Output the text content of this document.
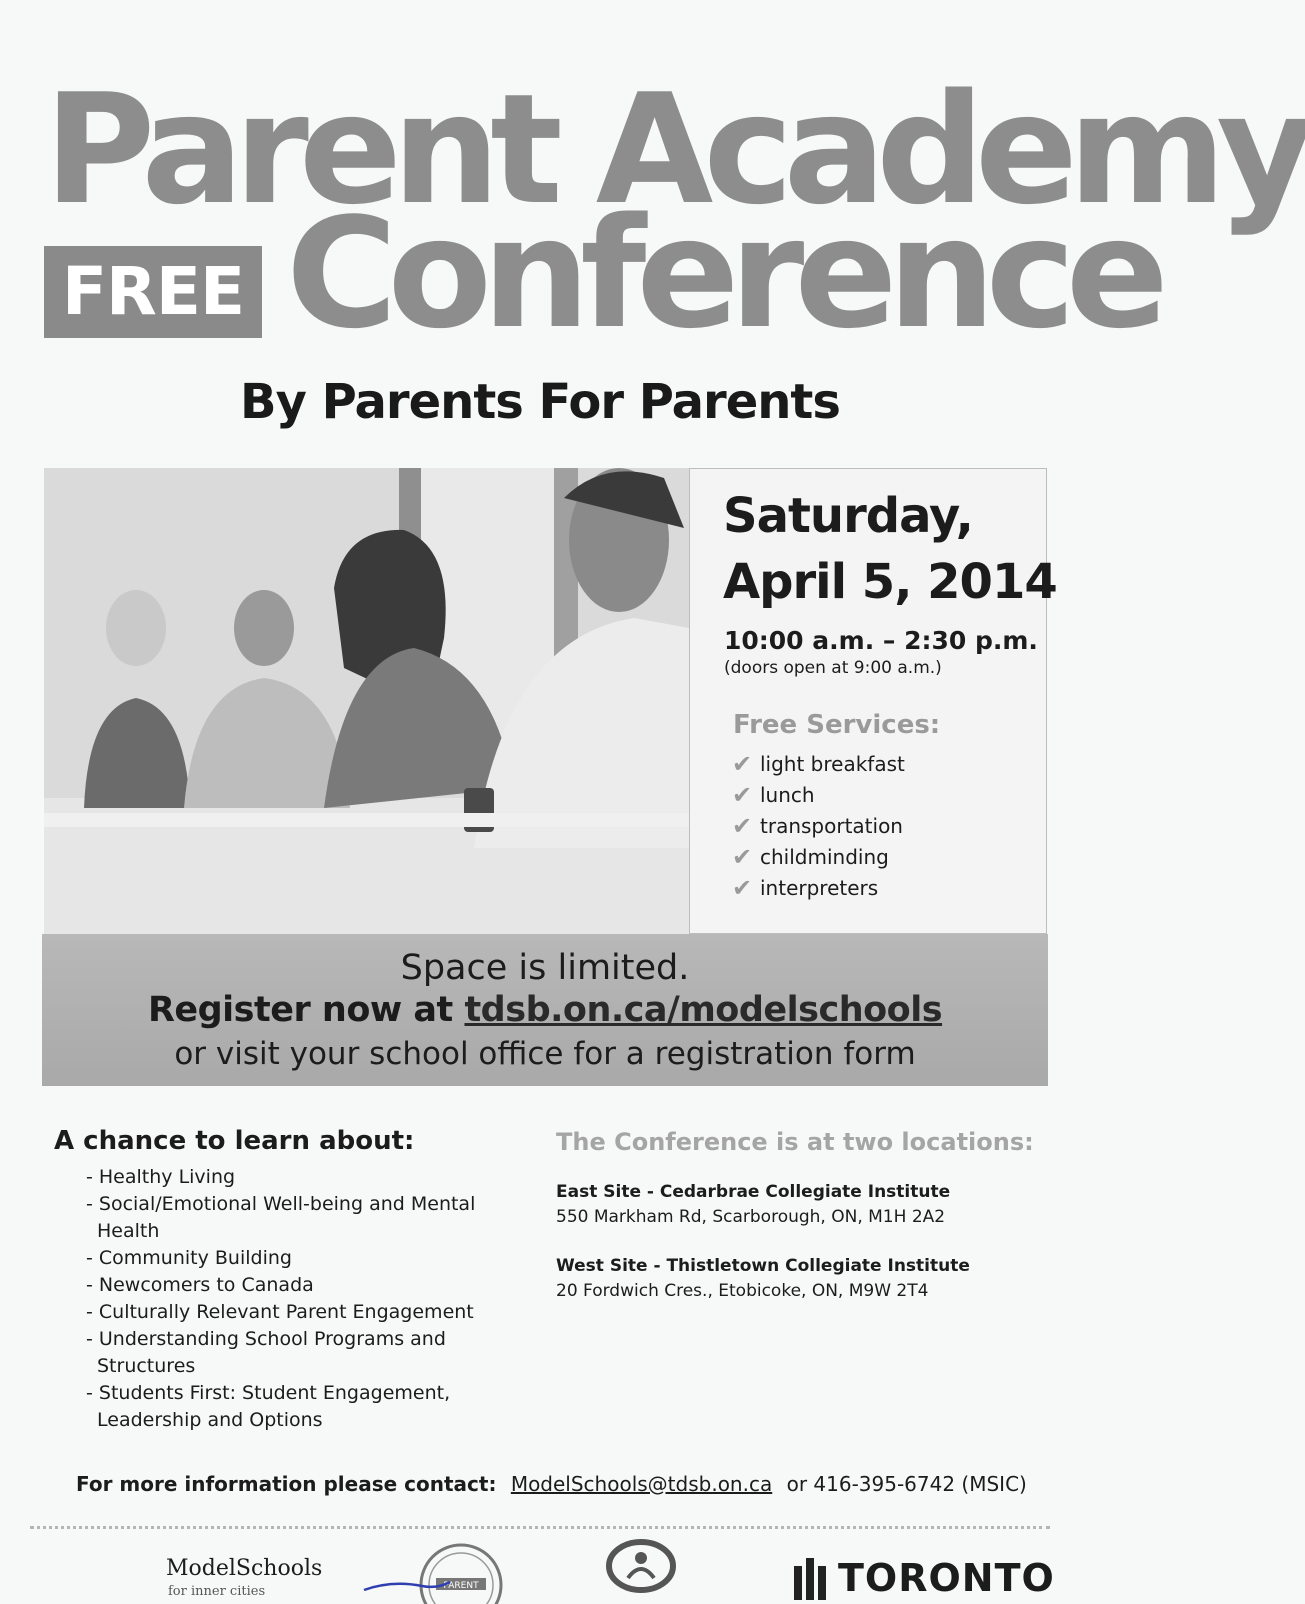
Parent Academy
FREE Conference
By Parents For Parents
Saturday,
April 5, 2014
10:00 a.m. – 2:30 p.m.
(doors open at 9:00 a.m.)
Free Services:
✔ light breakfast
✔ lunch
✔ transportation
✔ childminding
✔ interpreters
Space is limited.
Register now at tdsb.on.ca/modelschools
or visit your school office for a registration form
A chance to learn about:
- Healthy Living
- Social/Emotional Well-being and Mental Health
- Community Building
- Newcomers to Canada
- Culturally Relevant Parent Engagement
- Understanding School Programs and Structures
- Students First: Student Engagement, Leadership and Options
The Conference is at two locations:
East Site - Cedarbrae Collegiate Institute
550 Markham Rd, Scarborough, ON, M1H 2A2
West Site - Thistletown Collegiate Institute
20 Fordwich Cres., Etobicoke, ON, M9W 2T4
For more information please contact: ModelSchools@tdsb.on.ca or 416-395-6742 (MSIC)
ModelSchools
for inner cities	PARENT	TORONTO
